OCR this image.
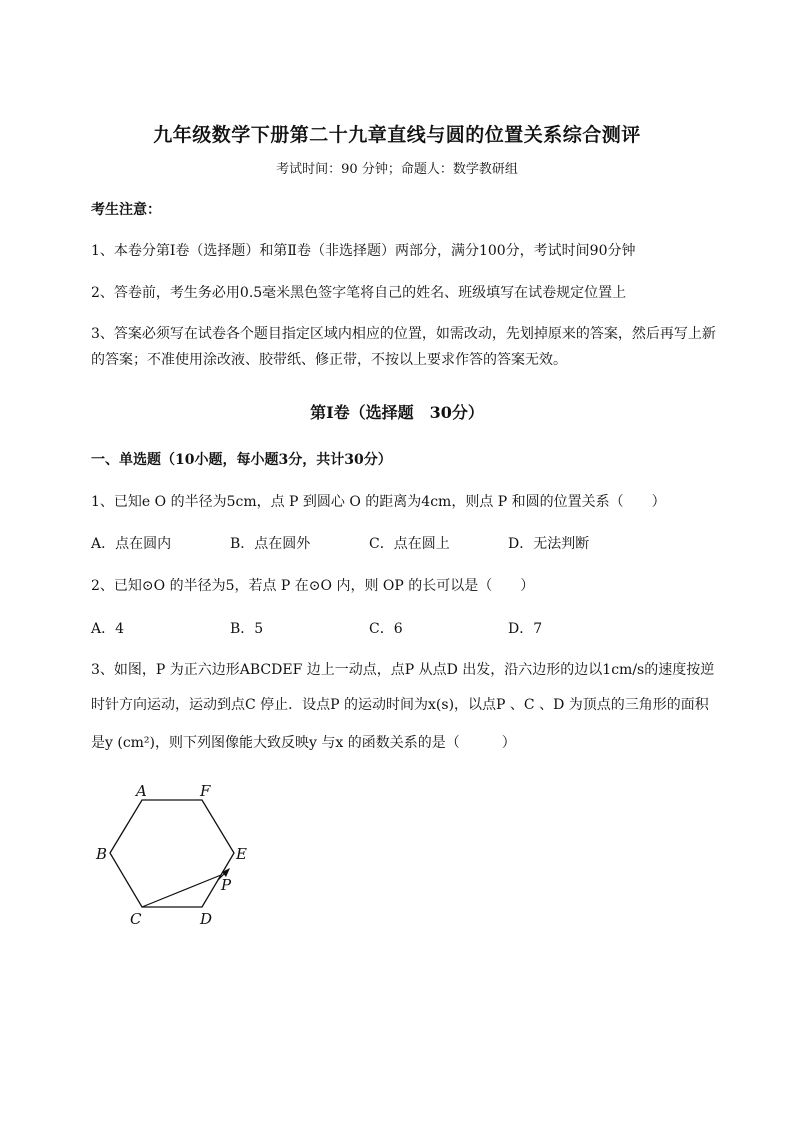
九年级数学下册第二十九章直线与圆的位置关系综合测评
考试时间：90 分钟；命题人：数学教研组
考生注意：
1、本卷分第Ⅰ卷（选择题）和第Ⅱ卷（非选择题）两部分，满分100分，考试时间90分钟
2、答卷前，考生务必用0.5毫米黑色签字笔将自己的姓名、班级填写在试卷规定位置上
3、答案必须写在试卷各个题目指定区域内相应的位置，如需改动，先划掉原来的答案，然后再写上新
的答案；不准使用涂改液、胶带纸、修正带，不按以上要求作答的答案无效。
第Ⅰ卷（选择题　30分）
一、单选题（10小题，每小题3分，共计30分）
1、已知e O 的半径为5cm，点 P 到圆心 O 的距离为4cm，则点 P 和圆的位置关系（　　）
A．点在圆内	B．点在圆外	C．点在圆上	D．无法判断
2、已知⊙O 的半径为5，若点 P 在⊙O 内，则 OP 的长可以是（　　）
A．4	B．5	C．6	D．7
3、如图，P 为正六边形ABCDEF 边上一动点，点P 从点D 出发，沿六边形的边以1cm/s的速度按逆
时针方向运动，运动到点C 停止．设点P 的运动时间为x(s)，以点P 、C 、D 为顶点的三角形的面积
是y (cm²)，则下列图像能大致反映y 与x 的函数关系的是（　　　）
A	F
B	E
P
C	D
